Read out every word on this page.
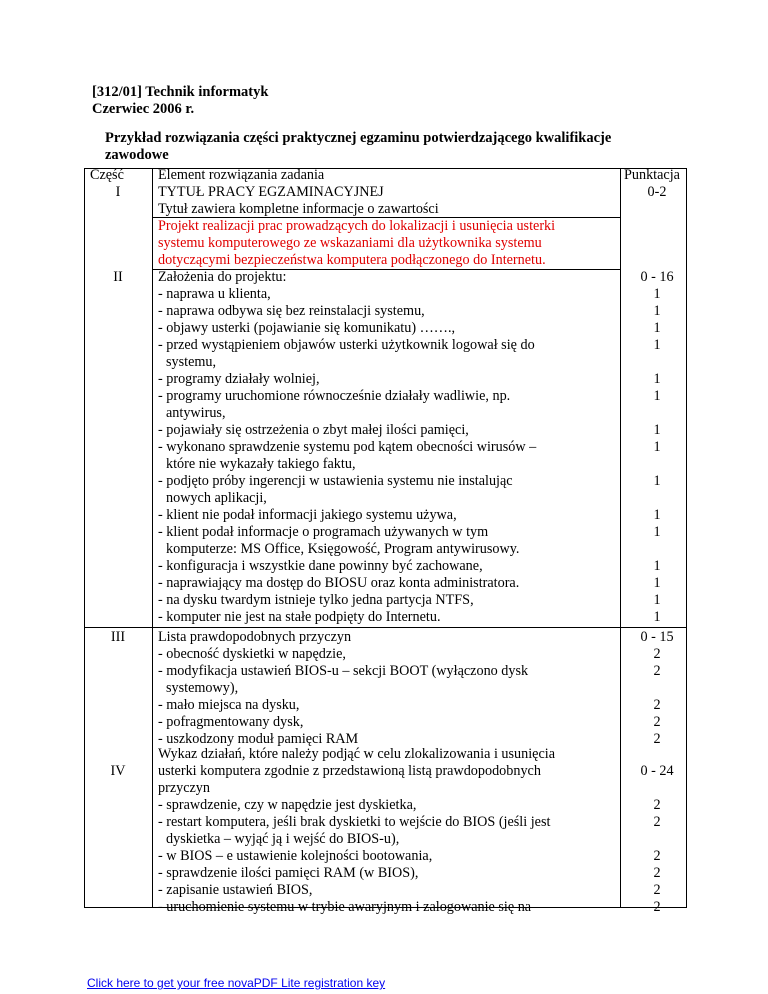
[312/01] Technik informatyk
Czerwiec 2006 r.
Przykład rozwiązania części praktycznej egzaminu potwierdzającego kwalifikacje zawodowe
Część Element rozwiązania zadania	Punktacja
I	TYTUŁ PRACY EGZAMINACYJNEJ	0-2
Tytuł zawiera kompletne informacje o zawartości
Projekt realizacji prac prowadzących do lokalizacji i usunięcia usterki
systemu komputerowego ze wskazaniami dla użytkownika systemu
dotyczącymi bezpieczeństwa komputera podłączonego do Internetu.
II	Założenia do projektu:	0 - 16
- naprawa u klienta,	1
- naprawa odbywa się bez reinstalacji systemu,	1
- objawy usterki (pojawianie się komunikatu) …….,	1
- przed wystąpieniem objawów usterki użytkownik logował się do	1
systemu,
- programy działały wolniej,	1
- programy uruchomione równocześnie działały wadliwie, np.	1
antywirus,
- pojawiały się ostrzeżenia o zbyt małej ilości pamięci,	1
- wykonano sprawdzenie systemu pod kątem obecności wirusów –	1
które nie wykazały takiego faktu,
- podjęto próby ingerencji w ustawienia systemu nie instalując	1
nowych aplikacji,
- klient nie podał informacji jakiego systemu używa,	1
- klient podał informacje o programach używanych w tym	1
komputerze: MS Office, Księgowość, Program antywirusowy.
- konfiguracja i wszystkie dane powinny być zachowane,	1
- naprawiający ma dostęp do BIOSU oraz konta administratora.	1
- na dysku twardym istnieje tylko jedna partycja NTFS,	1
- komputer nie jest na stałe podpięty do Internetu.	1
III	Lista prawdopodobnych przyczyn	0 - 15
- obecność dyskietki w napędzie,	2
- modyfikacja ustawień BIOS-u – sekcji BOOT (wyłączono dysk	2
systemowy),
- mało miejsca na dysku,	2
- pofragmentowany dysk,	2
- uszkodzony moduł pamięci RAM	2
Wykaz działań, które należy podjąć w celu zlokalizowania i usunięcia
IV	usterki komputera zgodnie z przedstawioną listą prawdopodobnych	0 - 24
przyczyn
- sprawdzenie, czy w napędzie jest dyskietka,	2
- restart komputera, jeśli brak dyskietki to wejście do BIOS (jeśli jest	2
dyskietka – wyjąć ją i wejść do BIOS-u),
- w BIOS – e ustawienie kolejności bootowania,	2
- sprawdzenie ilości pamięci RAM (w BIOS),	2
- zapisanie ustawień BIOS,	2
- uruchomienie systemu w trybie awaryjnym i zalogowanie się na	2
Click here to get your free novaPDF Lite registration key
